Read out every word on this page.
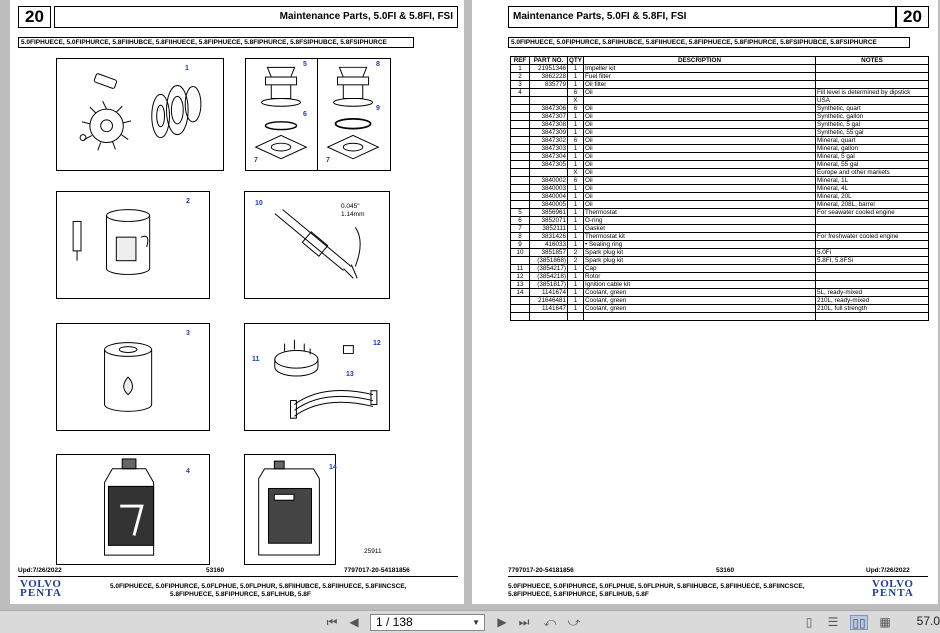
20	Maintenance Parts, 5.0FI & 5.8FI, FSI
5.0FIPHUECE, 5.0FIPHURCE, 5.8FIIHUBCE, 5.8FIIHUECE, 5.8FIPHUECE, 5.8FIPHURCE, 5.8FSIPHUBCE, 5.8FSIPHURCE
1
5
6
7
8
9
7
2	10	0.045"
1.14mm
3
11
12
13
4
14
25911
Upd:7/26/2022	53160	7797017-20-54181856
VOLVO
PENTA
5.0FIPHUECE, 5.0FIPHURCE, 5.0FLPHUE, 5.0FLPHUR, 5.8FIIHUBCE, 5.8FIIHUECE, 5.8FIINCSCE,
5.8FIPHUECE, 5.8FIPHURCE, 5.8FLIHUB, 5.8F
Maintenance Parts, 5.0FI & 5.8FI, FSI	20
5.0FIPHUECE, 5.0FIPHURCE, 5.8FIIHUBCE, 5.8FIIHUECE, 5.8FIPHUECE, 5.8FIPHURCE, 5.8FSIPHUBCE, 5.8FSIPHURCE
REF	PART NO.	QTY	DESCRIPTION	NOTES
1	21951346	1	Impeller kit	
2	3862228	1	Fuel filter	
3	835779	1	Oil filter	
4		6	Oil	Fill level is determined by dipstick
		X		USA
	3847306	6	Oil	Synthetic, quart
	3847307	1	Oil	Synthetic, gallon
	3847308	1	Oil	Synthetic, 5 gal
	3847309	1	Oil	Synthetic, 55 gal
	3847302	6	Oil	Mineral, quart
	3847303	1	Oil	Mineral, gallon
	3847304	1	Oil	Mineral, 5 gal
	3847305	1	Oil	Mineral, 55 gal
		X	Oil	Europe and other markets
	3840002	6	Oil	Mineral, 1L
	3840003	1	Oil	Mineral, 4L
	3840004	1	Oil	Mineral, 20L
	3840005	1	Oil	Mineral, 208L, barrel
5	3856961	1	Thermostat	For seawater cooled engine
6	3852071	1	O-ring	
7	3852111	1	Gasket	
8	3831426	1	Thermostat kit	For freshwater cooled engine
9	416033	1	• Sealing ring	
10	3851857	2	Spark plug kit	5.0Fi
	(3851868)	2	Spark plug kit	5.8FI, 5.8FSi
11	(3854217)	1	Cap	
12	(3854218)	1	Rotor	
13	(3851817)	1	Ignition cable kit	
14	1141674	1	Coolant, green	5L, ready-mixed
	21646481	1	Coolant, green	210L, ready-mixed
	1141647	1	Coolant, green	210L, full strength

7797017-20-54181856	53160	Upd:7/26/2022
5.0FIPHUECE, 5.0FIPHURCE, 5.0FLPHUE, 5.0FLPHUR, 5.8FIIHUBCE, 5.8FIIHUECE, 5.8FIINCSCE,
5.8FIPHUECE, 5.8FIPHURCE, 5.8FLIHUB, 5.8F
VOLVO
PENTA
⏮ ◀	1 / 138	▼ ▶ ⏭ ⤺ ⤻	▯	☰ ▯▯ ▦ 57.0
